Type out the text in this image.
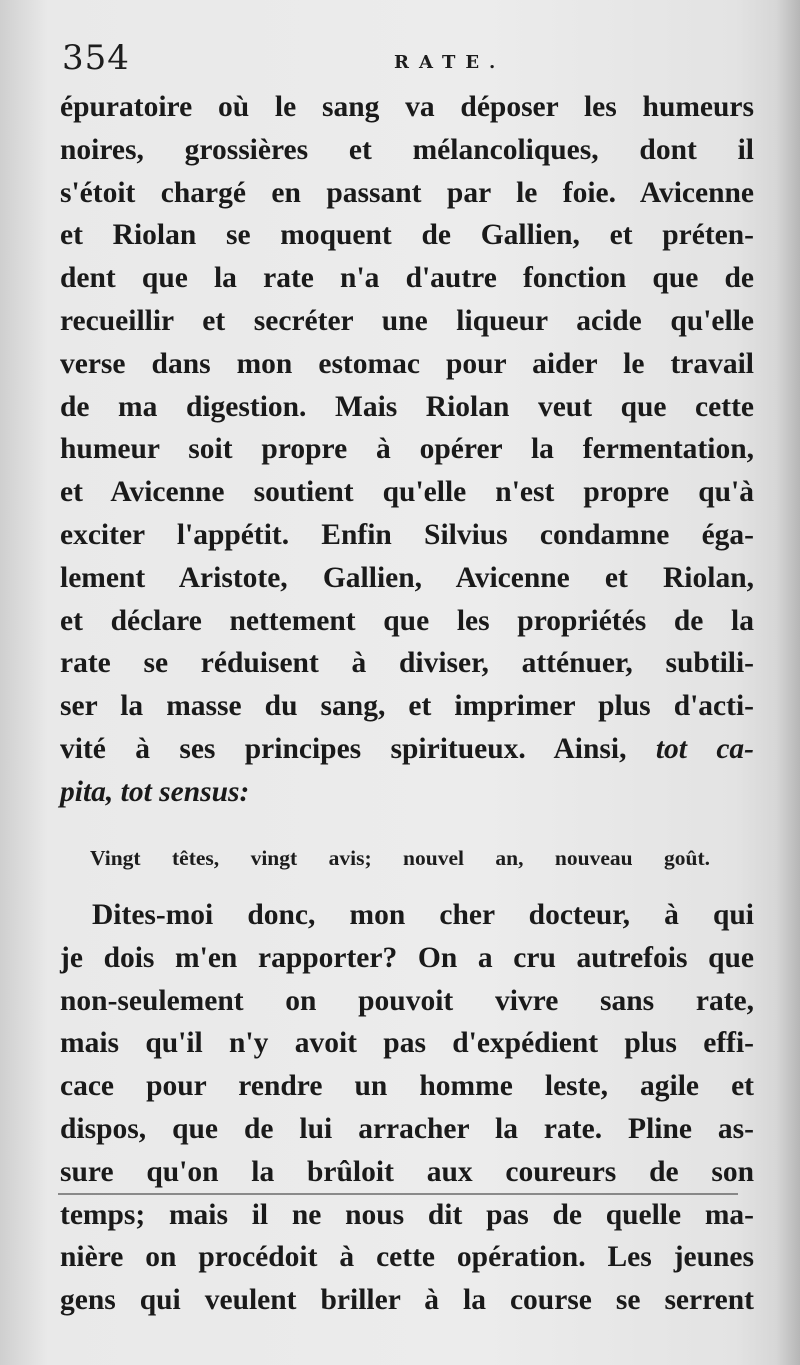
354	RATE.
épuratoire où le sang va déposer les humeurs
noires, grossières et mélancoliques, dont il
s'étoit chargé en passant par le foie. Avicenne
et Riolan se moquent de Gallien, et préten-
dent que la rate n'a d'autre fonction que de
recueillir et secréter une liqueur acide qu'elle
verse dans mon estomac pour aider le travail
de ma digestion. Mais Riolan veut que cette
humeur soit propre à opérer la fermentation,
et Avicenne soutient qu'elle n'est propre qu'à
exciter l'appétit. Enfin Silvius condamne éga-
lement Aristote, Gallien, Avicenne et Riolan,
et déclare nettement que les propriétés de la
rate se réduisent à diviser, atténuer, subtili-
ser la masse du sang, et imprimer plus d'acti-
vité à ses principes spiritueux. Ainsi, tot ca-
pita, tot sensus:
Vingt têtes, vingt avis; nouvel an, nouveau goût.
Dites-moi donc, mon cher docteur, à qui
je dois m'en rapporter? On a cru autrefois que
non-seulement on pouvoit vivre sans rate,
mais qu'il n'y avoit pas d'expédient plus effi-
cace pour rendre un homme leste, agile et
dispos, que de lui arracher la rate. Pline as-
sure qu'on la brûloit aux coureurs de son
temps; mais il ne nous dit pas de quelle ma-
nière on procédoit à cette opération. Les jeunes
gens qui veulent briller à la course se serrent
